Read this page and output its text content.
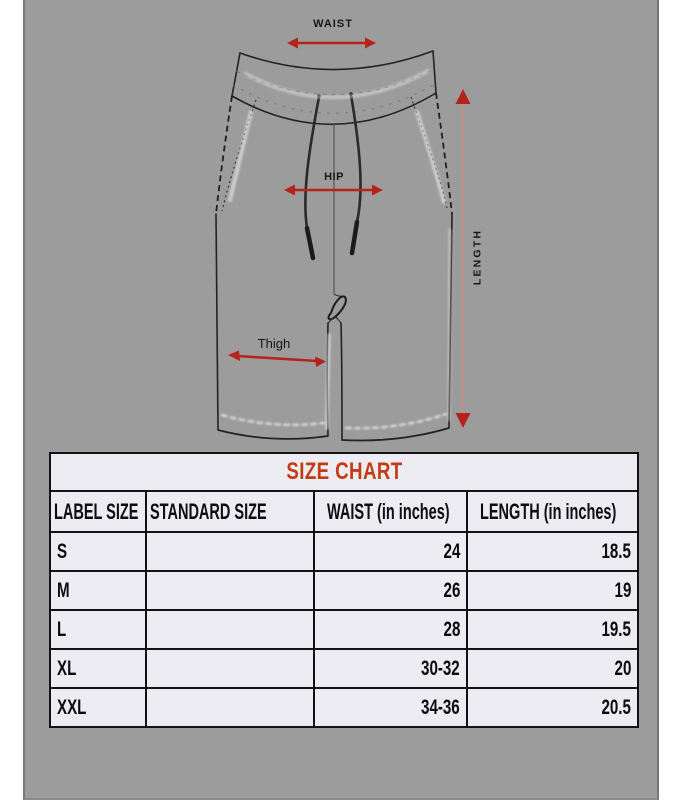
WAIST
HIP
Thigh
LENGTH
SIZE CHART			
LABEL SIZE	STANDARD SIZE	WAIST (in inches)	LENGTH (in inches)
S		24	18.5
M		26	19
L		28	19.5
XL		30-32	20
XXL		34-36	20.5
